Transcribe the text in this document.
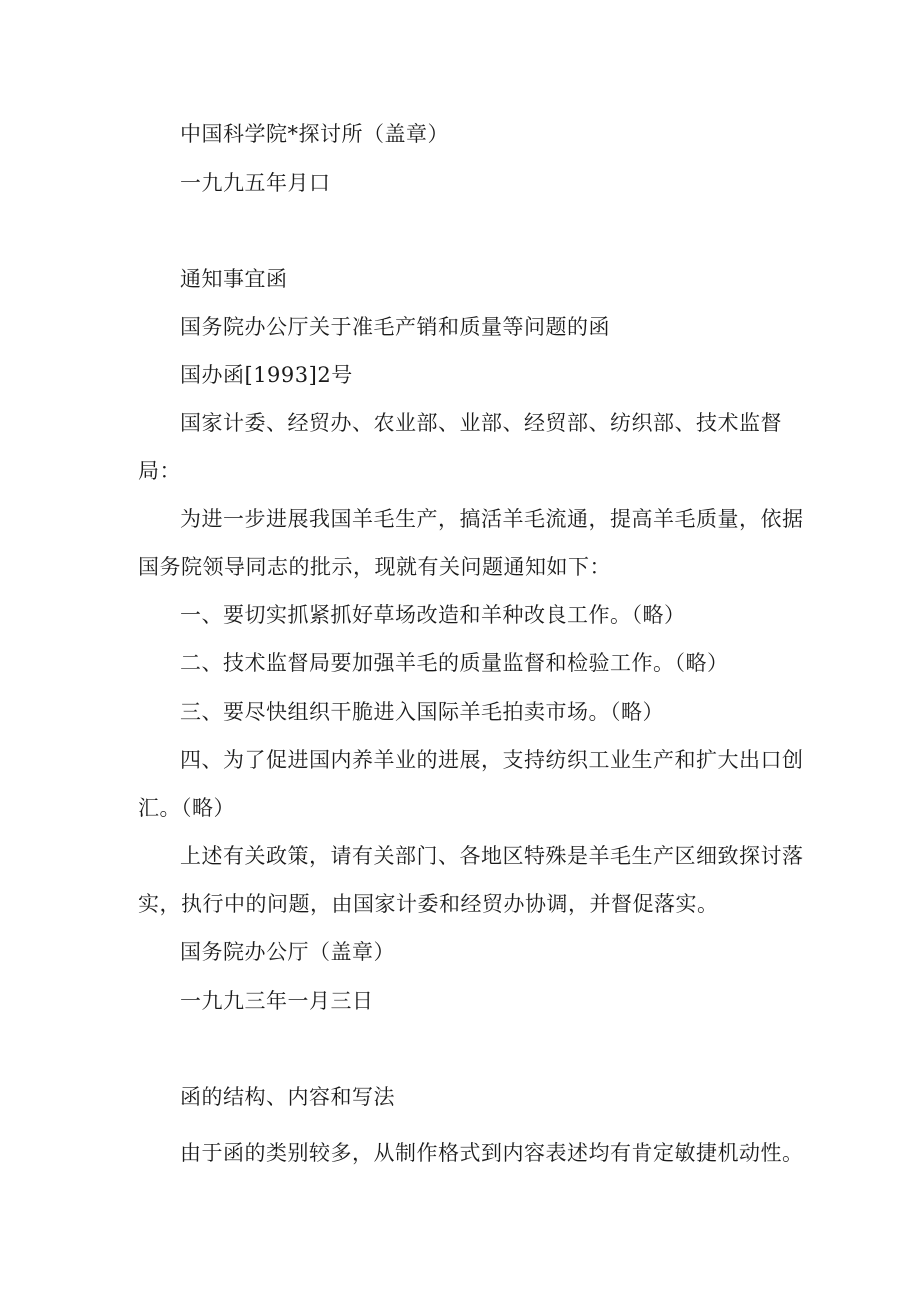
中国科学院*探讨所（盖章）
一九九五年月口
通知事宜函
国务院办公厅关于准毛产销和质量等问题的函
国办函[1993]2号
国家计委、经贸办、农业部、业部、经贸部、纺织部、技术监督
局：
为进一步进展我国羊毛生产，搞活羊毛流通，提高羊毛质量，依据
国务院领导同志的批示，现就有关问题通知如下：
一、要切实抓紧抓好草场改造和羊种改良工作。（略）
二、技术监督局要加强羊毛的质量监督和检验工作。（略）
三、要尽快组织干脆进入国际羊毛拍卖市场。（略）
四、为了促进国内养羊业的进展，支持纺织工业生产和扩大出口创
汇。（略）
上述有关政策，请有关部门、各地区特殊是羊毛生产区细致探讨落
实，执行中的问题，由国家计委和经贸办协调，并督促落实。
国务院办公厅（盖章）
一九九三年一月三日
函的结构、内容和写法
由于函的类别较多，从制作格式到内容表述均有肯定敏捷机动性。
